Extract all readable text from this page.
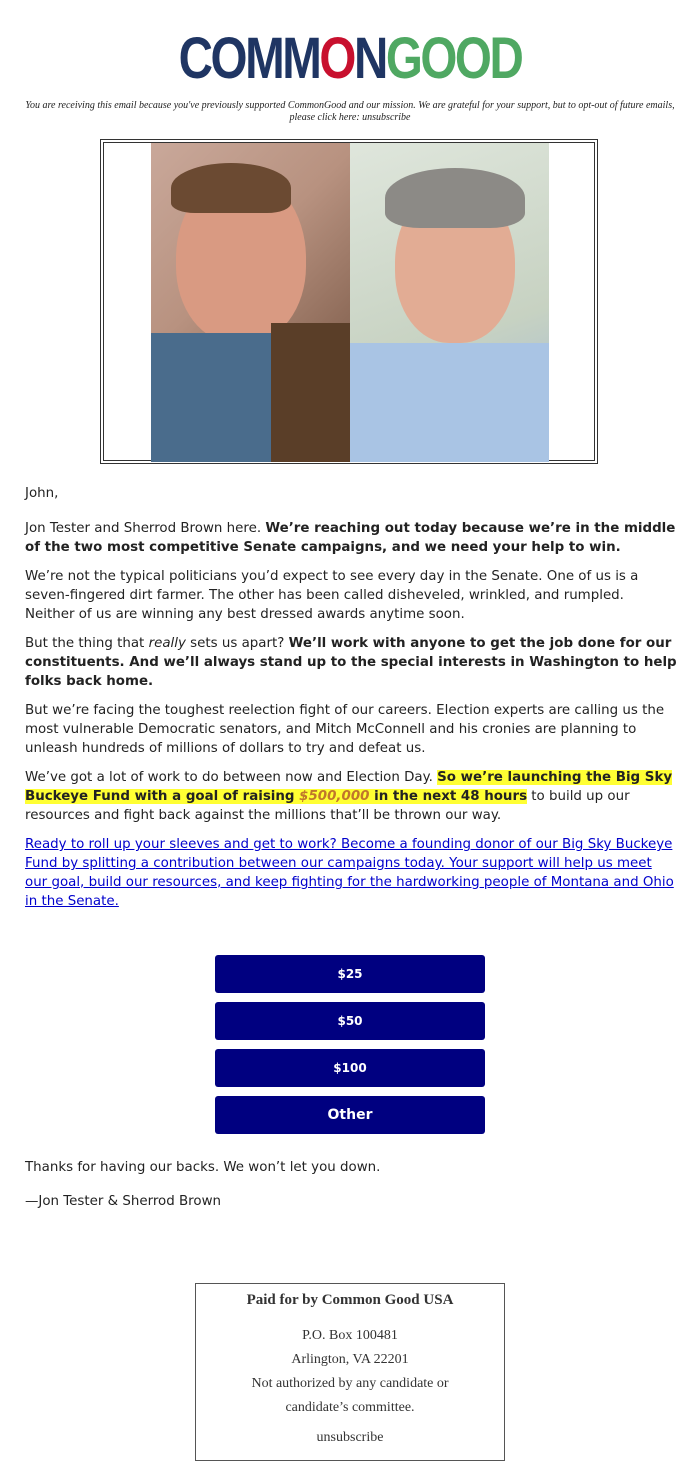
COMMONGOOD
You are receiving this email because you've previously supported CommonGood and our mission. We are grateful for your support, but to opt-out of future emails, please click here: unsubscribe

John,

Jon Tester and Sherrod Brown here. We’re reaching out today because we’re in the middle of the two most competitive Senate campaigns, and we need your help to win.

We’re not the typical politicians you’d expect to see every day in the Senate. One of us is a seven-fingered dirt farmer. The other has been called disheveled, wrinkled, and rumpled. Neither of us are winning any best dressed awards anytime soon.

But the thing that really sets us apart? We’ll work with anyone to get the job done for our constituents. And we’ll always stand up to the special interests in Washington to help folks back home.

But we’re facing the toughest reelection fight of our careers. Election experts are calling us the most vulnerable Democratic senators, and Mitch McConnell and his cronies are planning to unleash hundreds of millions of dollars to try and defeat us.

We’ve got a lot of work to do between now and Election Day. So we’re launching the Big Sky Buckeye Fund with a goal of raising $500,000 in the next 48 hours to build up our resources and fight back against the millions that’ll be thrown our way.

Ready to roll up your sleeves and get to work? Become a founding donor of our Big Sky Buckeye Fund by splitting a contribution between our campaigns today. Your support will help us meet our goal, build our resources, and keep fighting for the hardworking people of Montana and Ohio in the Senate.

$25
$50
$100
Other

Thanks for having our backs. We won’t let you down.

—Jon Tester & Sherrod Brown

Paid for by Common Good USA
P.O. Box 100481
Arlington, VA 22201
Not authorized by any candidate or
candidate’s committee.
unsubscribe
